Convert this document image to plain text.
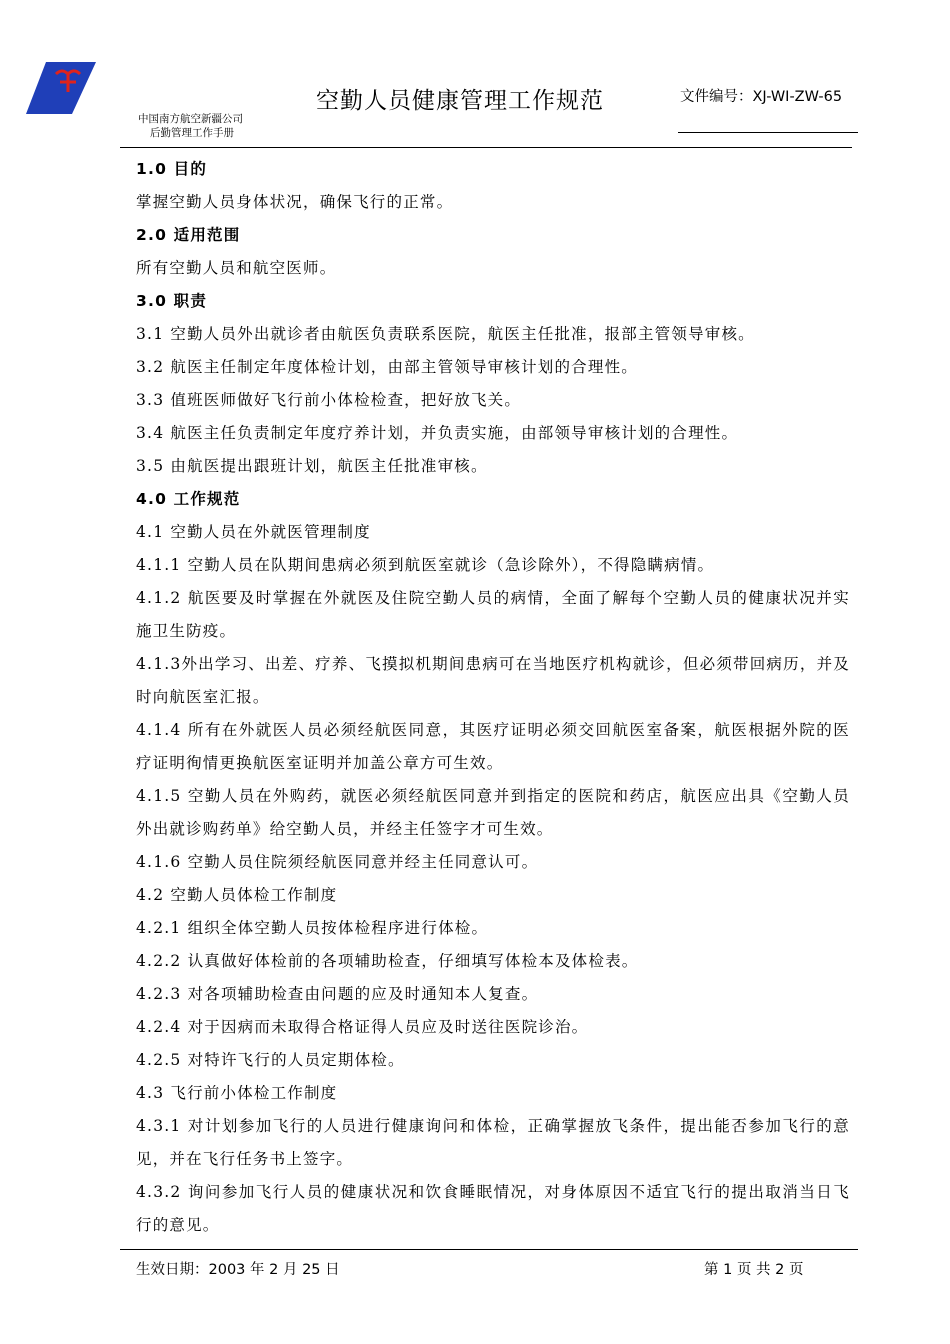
中国南方航空新疆公司
后勤管理工作手册
空勤人员健康管理工作规范	文件编号：XJ-WI-ZW-65
1.0 目的
掌握空勤人员身体状况，确保飞行的正常。
2.0 适用范围
所有空勤人员和航空医师。
3.0 职责
3.1 空勤人员外出就诊者由航医负责联系医院，航医主任批准，报部主管领导审核。
3.2 航医主任制定年度体检计划，由部主管领导审核计划的合理性。
3.3 值班医师做好飞行前小体检检查，把好放飞关。
3.4 航医主任负责制定年度疗养计划，并负责实施，由部领导审核计划的合理性。
3.5 由航医提出跟班计划，航医主任批准审核。
4.0 工作规范
4.1 空勤人员在外就医管理制度
4.1.1 空勤人员在队期间患病必须到航医室就诊（急诊除外），不得隐瞒病情。
4.1.2 航医要及时掌握在外就医及住院空勤人员的病情，全面了解每个空勤人员的健康状况并实施卫生防疫。
4.1.3外出学习、出差、疗养、飞摸拟机期间患病可在当地医疗机构就诊，但必须带回病历，并及时向航医室汇报。
4.1.4 所有在外就医人员必须经航医同意，其医疗证明必须交回航医室备案，航医根据外院的医疗证明徇情更换航医室证明并加盖公章方可生效。
4.1.5 空勤人员在外购药，就医必须经航医同意并到指定的医院和药店，航医应出具《空勤人员外出就诊购药单》给空勤人员，并经主任签字才可生效。
4.1.6 空勤人员住院须经航医同意并经主任同意认可。
4.2 空勤人员体检工作制度
4.2.1 组织全体空勤人员按体检程序进行体检。
4.2.2 认真做好体检前的各项辅助检查，仔细填写体检本及体检表。
4.2.3 对各项辅助检查由问题的应及时通知本人复查。
4.2.4 对于因病而未取得合格证得人员应及时送往医院诊治。
4.2.5 对特许飞行的人员定期体检。
4.3 飞行前小体检工作制度
4.3.1 对计划参加飞行的人员进行健康询问和体检，正确掌握放飞条件，提出能否参加飞行的意见，并在飞行任务书上签字。
4.3.2 询问参加飞行人员的健康状况和饮食睡眠情况，对身体原因不适宜飞行的提出取消当日飞行的意见。
生效日期：2003 年 2 月 25 日	第 1 页 共 2 页
